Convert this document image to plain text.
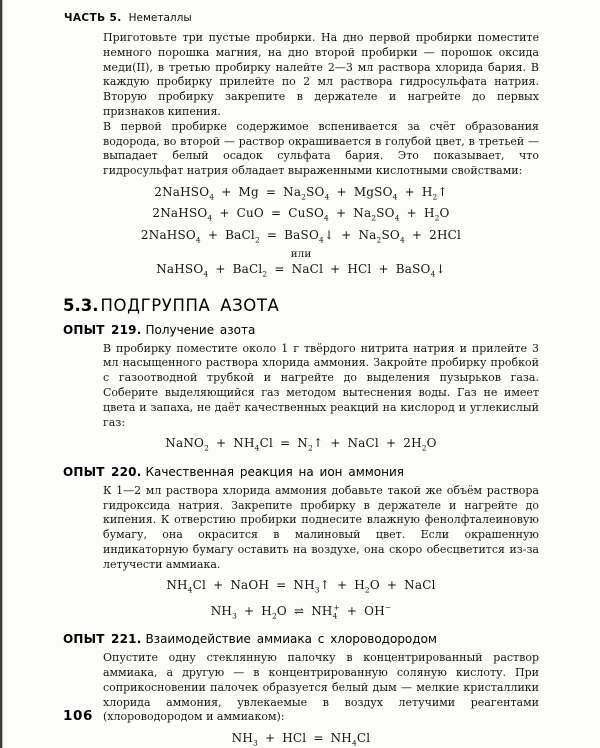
ЧАСТЬ 5. Неметаллы

Приготовьте три пустые пробирки. На дно первой пробирки поместите немного порошка магния, на дно второй пробирки — порошок оксида меди(II), в третью пробирку налейте 2—3 мл раствора хлорида бария. В каждую пробирку прилейте по 2 мл раствора гидросульфата натрия. Вторую пробирку закрепите в держателе и нагрейте до первых признаков кипения.

В первой пробирке содержимое вспенивается за счёт образования водорода, во второй — раствор окрашивается в голубой цвет, в третьей — выпадает белый осадок сульфата бария. Это показывает, что гидросульфат натрия обладает выраженными кислотными свойствами:

2NaHSO$_4$ + $Mg = Na_2SO_4$ + MgSO$_4$ + $H_2↑$
2NaHSO$_4$ + CuO = CuSO$_4$ + $Na_2SO_4 + H_2O$
2NaHSO$_4$ + BaCl$_2$ = BaSO$_4$↓ + $Na_2SO_4 + 2HCl$
или
NaHSO$_4$ + BaCl$_2$ = NaCl + HCl + BaSO$_4$↓
5.3. ПОДГРУППА АЗОТА
ОПЫТ 219. Получение азота

В пробирку поместите около 1 г твёрдого нитрита натрия и прилейте 3 мл насыщенного раствора хлорида аммония. Закройте пробирку пробкой с газоотводной трубкой и нагрейте до выделения пузырьков газа. Соберите выделяющийся газ методом вытеснения воды. Газ не имеет цвета и запаха, не даёт качественных реакций на кислород и углекислый газ:

NaNO$_2$ + $NH_4Cl$ = $N_2↑$ + NaCl + $2H_2O$
ОПЫТ 220. Качественная реакция на ион аммония

К 1—2 мл раствора хлорида аммония добавьте такой же объём раствора гидроксида натрия. Закрепите пробирку в держателе и нагрейте до кипения. К отверстию пробирки поднесите влажную фенолфталеиновую бумагу, она окрасится в малиновый цвет. Если окрашенную индикаторную бумагу оставить на воздухе, она скоро обесцветится из-за летучести аммиака.

$NH_4Cl$ + NaOH = $NH_3↑ + H_2O$ + NaCl
$NH_3 + H_2O$ ⇌ $NH_4^+ + OH^-$
ОПЫТ 221. Взаимодействие аммиака с хлороводородом

Опустите одну стеклянную палочку в концентрированный раствор аммиака, а другую — в концентрированную соляную кислоту. При соприкосновении палочек образуется белый дым — мелкие кристаллики хлорида аммония, увлекаемые в воздух летучими реагентами (хлороводородом и аммиаком):

$NH_3$ + HCl = $NH_4Cl$
106
